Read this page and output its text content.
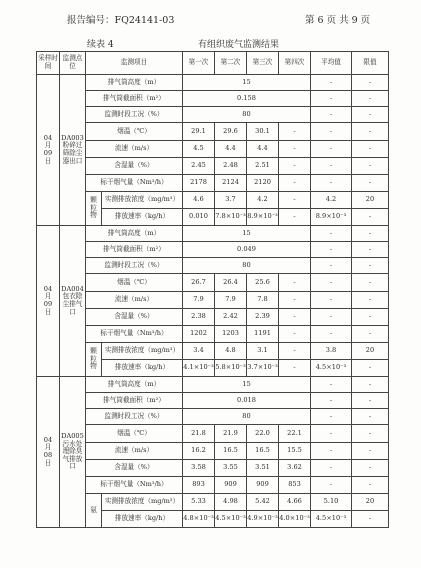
报告编号：FQ24141-03	第 6 页 共 9 页
续表 4	有组织废气监测结果
采样时间	监测点位	监测项目		第一次	第二次	第三次	第四次	平均值	限值
04月09日	DA003粉碎过筛除尘器出口	排气筒高度（m）		15				-	-
		排气筒截面积（m²）		0.158				-	-
		监测时段工况（%）		80				-	-
		烟温（℃）		29.1	29.6	30.1	-	-	-
		流速（m/s）		4.5	4.4	4.4	-	-	-
		含湿量（%）		2.45	2.48	2.51	-	-	-
		标干烟气量（Nm³/h）		2178	2124	2120	-	-	-
		颗粒物	实测排放浓度（mg/m³）	4.6	3.7	4.2	-	4.2	20
			排放速率（kg/h）	0.010	7.8×10⁻³	8.9×10⁻³	-	8.9×10⁻³	-
04月09日	DA004包衣除尘排气口	排气筒高度（m）		15				-	-
		排气筒截面积（m²）		0.049				-	-
		监测时段工况（%）		80				-	-
		烟温（℃）		26.7	26.4	25.6	-	-	-
		流速（m/s）		7.9	7.9	7.8	-	-	-
		含湿量（%）		2.38	2.42	2.39	-	-	-
		标干烟气量（Nm³/h）		1202	1203	1191	-	-	-
		颗粒物	实测排放浓度（mg/m³）	3.4	4.8	3.1	-	3.8	20
			排放速率（kg/h）	4.1×10⁻³	5.8×10⁻³	3.7×10⁻³	-	4.5×10⁻³	-
04月08日	DA005污水处理除臭气排放口	排气筒高度（m）		15				-	-
		排气筒截面积（m²）		0.018				-	-
		监测时段工况（%）		80				-	-
		烟温（℃）		21.8	21.9	22.0	22.1	-	-
		流速（m/s）		16.2	16.5	16.5	15.5	-	-
		含湿量（%）		3.58	3.55	3.51	3.62	-	-
		标干烟气量（Nm³/h）		893	909	909	853	-	-
		氨	实测排放浓度（mg/m³）	5.33	4.98	5.42	4.66	5.10	20
			排放速率（kg/h）	4.8×10⁻³	4.5×10⁻³	4.9×10⁻³	4.0×10⁻³	4.5×10⁻³	-
